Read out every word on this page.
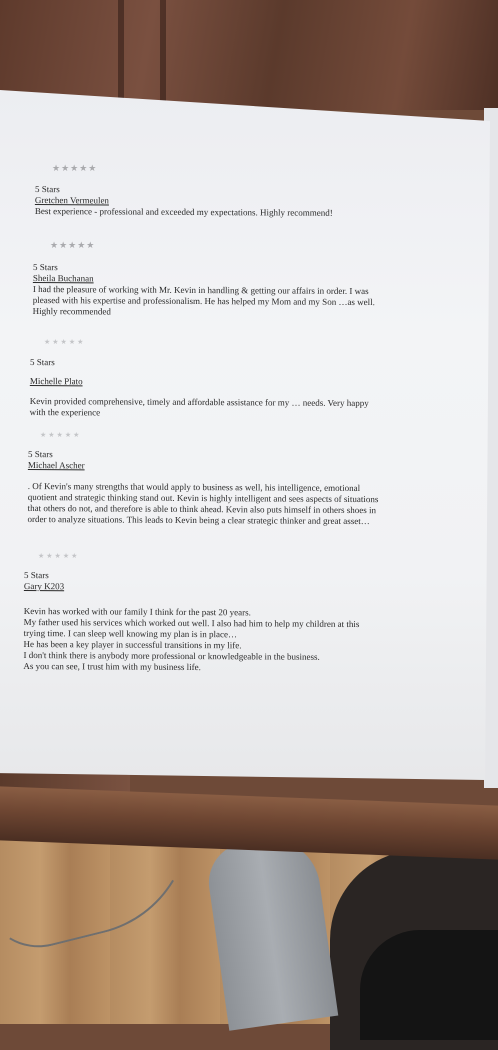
★★★★★
5 Stars
Gretchen Vermeulen
Best experience - professional and exceeded my expectations. Highly recommend!
★★★★★
5 Stars
Sheila Buchanan
I had the pleasure of working with Mr. Kevin in handling & getting our affairs in order. I was
pleased with his expertise and professionalism. He has helped my Mom and my Son …as well.
Highly recommended
★★★★★
5 Stars
Michelle Plato
Kevin provided comprehensive, timely and affordable assistance for my … needs. Very happy
with the experience
★★★★★
5 Stars
Michael Ascher
. Of Kevin's many strengths that would apply to business as well, his intelligence, emotional
quotient and strategic thinking stand out. Kevin is highly intelligent and sees aspects of situations
that others do not, and therefore is able to think ahead. Kevin also puts himself in others shoes in
order to analyze situations. This leads to Kevin being a clear strategic thinker and great asset…
★★★★★
5 Stars
Gary K203
Kevin has worked with our family I think for the past 20 years.
My father used his services which worked out well. I also had him to help my children at this
trying time. I can sleep well knowing my plan is in place…
He has been a key player in successful transitions in my life.
I don't think there is anybody more professional or knowledgeable in the business.
As you can see, I trust him with my business life.
